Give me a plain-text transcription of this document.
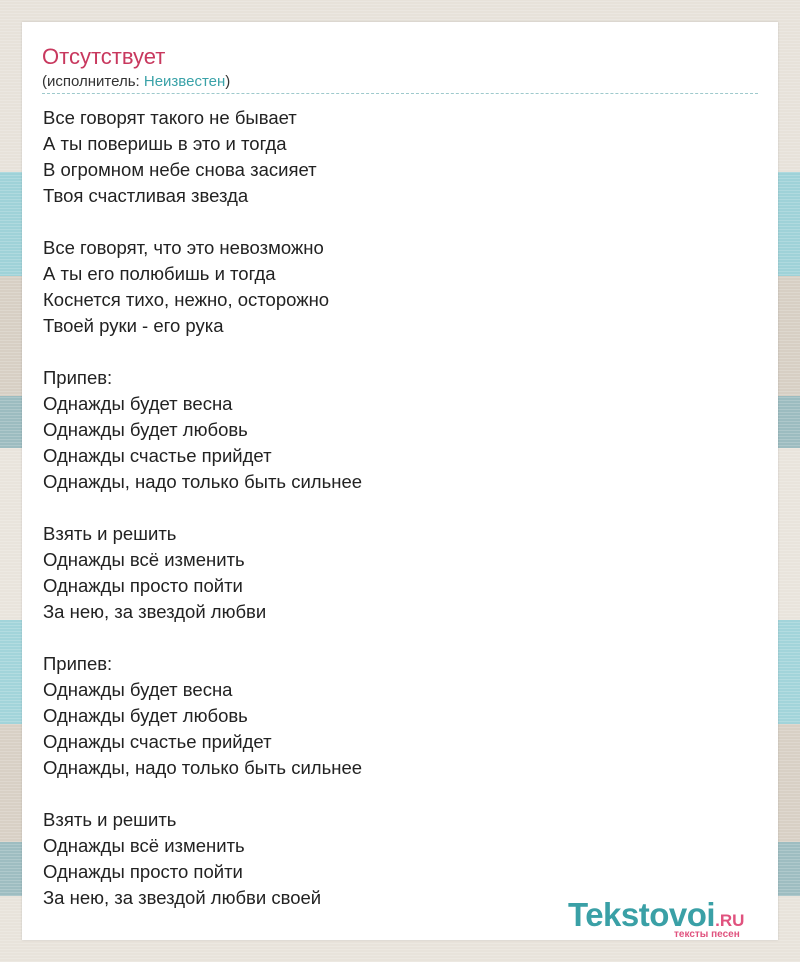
Отсутствует
(исполнитель: Неизвестен)
Все говорят такого не бывает
А ты поверишь в это и тогда
В огромном небе снова засияет
Твоя счастливая звезда
Все говорят, что это невозможно
А ты его полюбишь и тогда
Коснется тихо, нежно, осторожно
Твоей руки - его рука
Припев:
Однажды будет весна
Однажды будет любовь
Однажды счастье прийдет
Однажды, надо только быть сильнее
Взять и решить
Однажды всё изменить
Однажды просто пойти
За нею, за звездой любви
Припев:
Однажды будет весна
Однажды будет любовь
Однажды счастье прийдет
Однажды, надо только быть сильнее
Взять и решить
Однажды всё изменить
Однажды просто пойти
За нею, за звездой любви своей	Tekstovoi.RU
тексты песен
